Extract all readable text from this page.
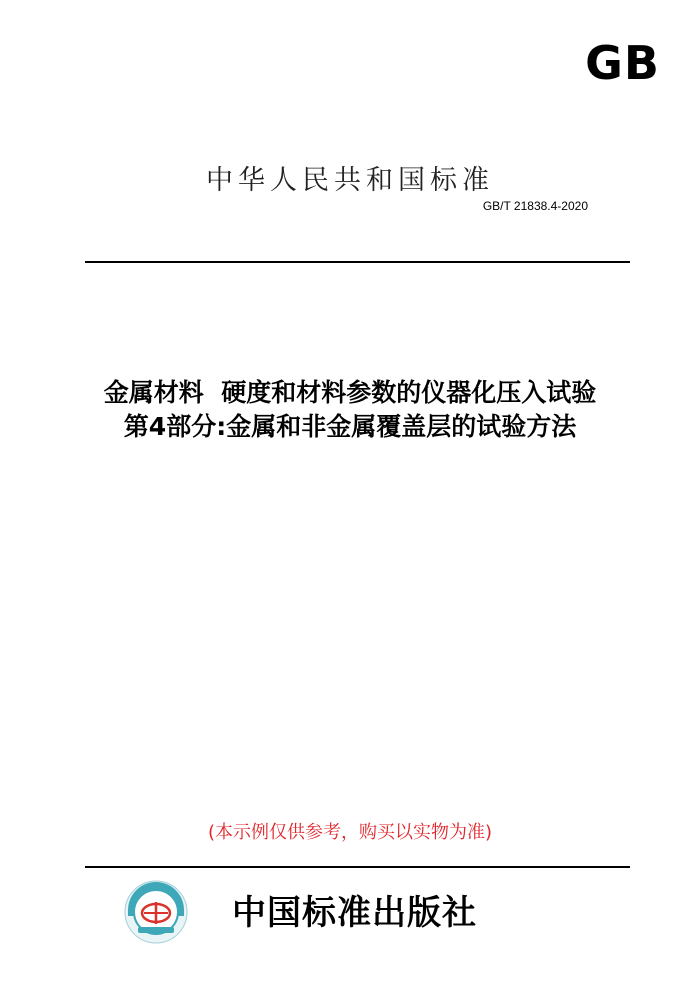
GB
中华人民共和国标准
GB/T 21838.4-2020
金属材料  硬度和材料参数的仪器化压入试验
第4部分:金属和非金属覆盖层的试验方法
(本示例仅供参考，购买以实物为准)
中国标准出版社
